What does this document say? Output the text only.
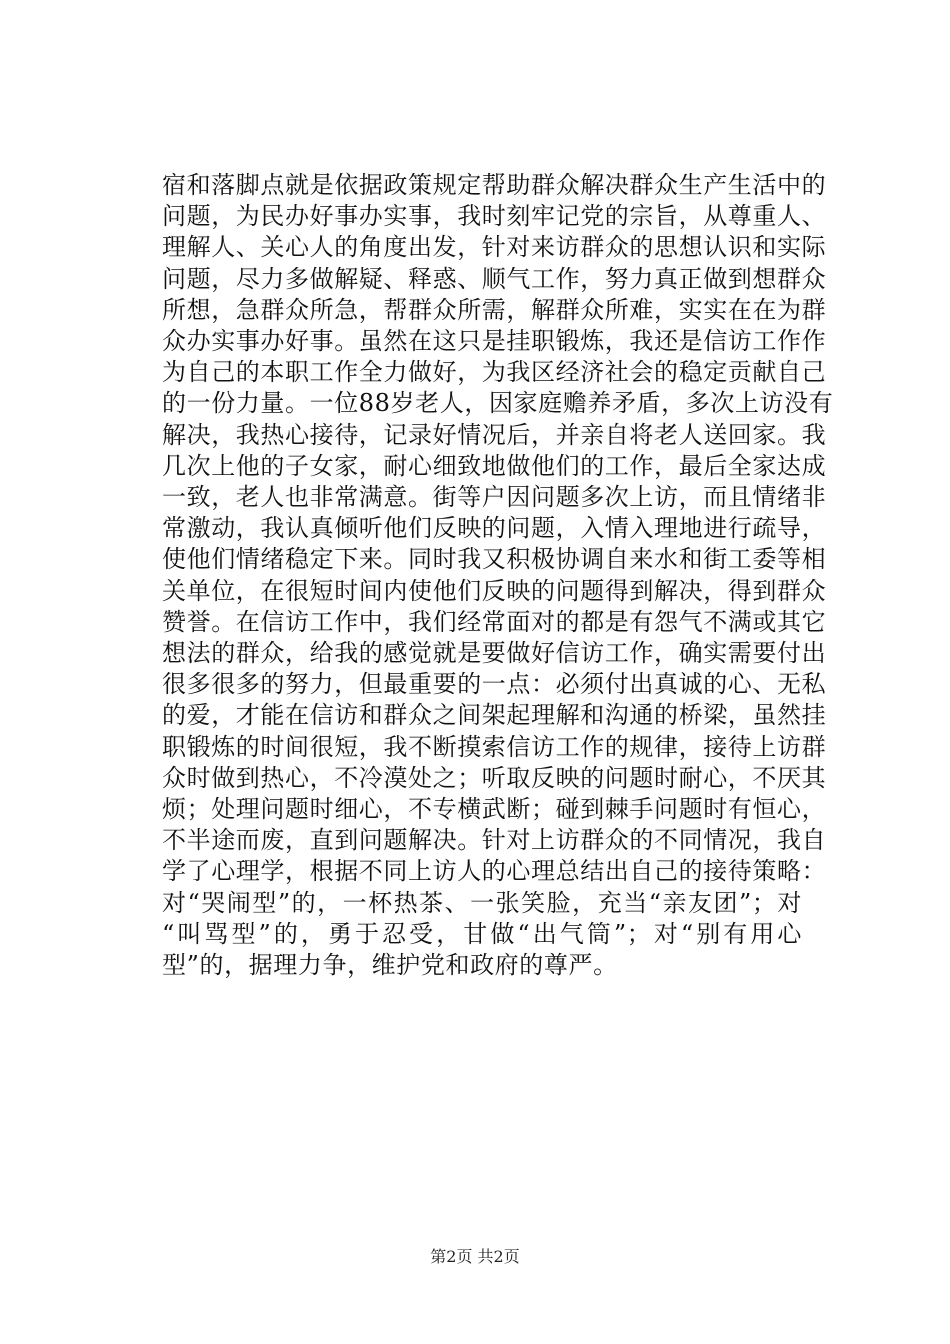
宿和落脚点就是依据政策规定帮助群众解决群众生产生活中的
问题，为民办好事办实事，我时刻牢记党的宗旨，从尊重人、
理解人、关心人的角度出发，针对来访群众的思想认识和实际
问题，尽力多做解疑、释惑、顺气工作，努力真正做到想群众
所想，急群众所急，帮群众所需，解群众所难，实实在在为群
众办实事办好事。虽然在这只是挂职锻炼，我还是信访工作作
为自己的本职工作全力做好，为我区经济社会的稳定贡献自己
的一份力量。一位88岁老人，因家庭赡养矛盾，多次上访没有
解决，我热心接待，记录好情况后，并亲自将老人送回家。我
几次上他的子女家，耐心细致地做他们的工作，最后全家达成
一致，老人也非常满意。街等户因问题多次上访，而且情绪非
常激动，我认真倾听他们反映的问题，入情入理地进行疏导，
使他们情绪稳定下来。同时我又积极协调自来水和街工委等相
关单位，在很短时间内使他们反映的问题得到解决，得到群众
赞誉。在信访工作中，我们经常面对的都是有怨气不满或其它
想法的群众，给我的感觉就是要做好信访工作，确实需要付出
很多很多的努力，但最重要的一点：必须付出真诚的心、无私
的爱，才能在信访和群众之间架起理解和沟通的桥梁，虽然挂
职锻炼的时间很短，我不断摸索信访工作的规律，接待上访群
众时做到热心，不冷漠处之；听取反映的问题时耐心，不厌其
烦；处理问题时细心，不专横武断；碰到棘手问题时有恒心，
不半途而废，直到问题解决。针对上访群众的不同情况，我自
学了心理学，根据不同上访人的心理总结出自己的接待策略：
对“哭闹型”的，一杯热茶、一张笑脸，充当“亲友团”；对
“叫骂型”的，勇于忍受，甘做“出气筒”；对“别有用心
型”的，据理力争，维护党和政府的尊严。
第2页 共2页
